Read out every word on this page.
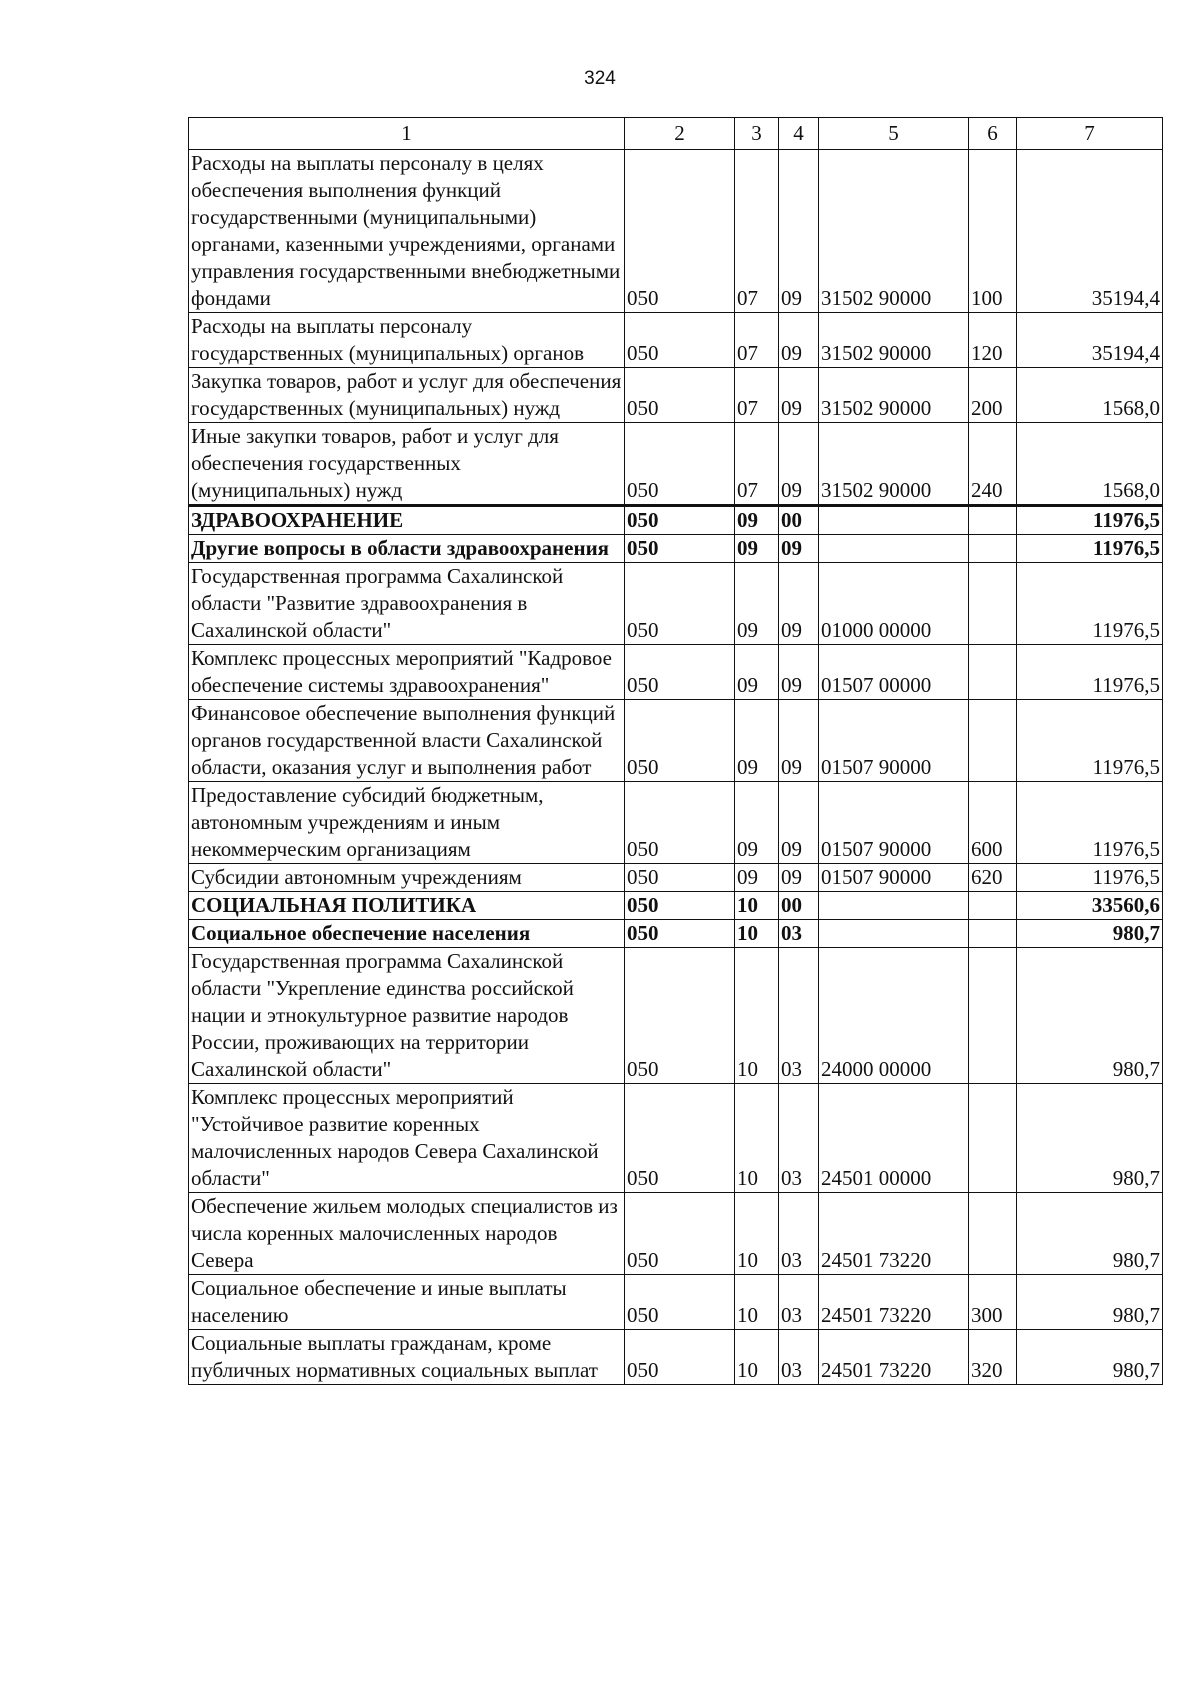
324
1	2	3	4	5	6	7
Расходы на выплаты персоналу в целях обеспечения выполнения функций государственными (муниципальными) органами, казенными учреждениями, органами управления государственными внебюджетными фондами	050	07	09	31502 90000	100	35194,4
Расходы на выплаты персоналу государственных (муниципальных) органов	050	07	09	31502 90000	120	35194,4
Закупка товаров, работ и услуг для обеспечения государственных (муниципальных) нужд	050	07	09	31502 90000	200	1568,0
Иные закупки товаров, работ и услуг для обеспечения государственных (муниципальных) нужд	050	07	09	31502 90000	240	1568,0
ЗДРАВООХРАНЕНИЕ	050	09	00			11976,5
Другие вопросы в области здравоохранения	050	09	09			11976,5
Государственная программа Сахалинской области "Развитие здравоохранения в Сахалинской области"	050	09	09	01000 00000		11976,5
Комплекс процессных мероприятий "Кадровое обеспечение системы здравоохранения"	050	09	09	01507 00000		11976,5
Финансовое обеспечение выполнения функций органов государственной власти Сахалинской области, оказания услуг и выполнения работ	050	09	09	01507 90000		11976,5
Предоставление субсидий бюджетным, автономным учреждениям и иным некоммерческим организациям	050	09	09	01507 90000	600	11976,5
Субсидии автономным учреждениям	050	09	09	01507 90000	620	11976,5
СОЦИАЛЬНАЯ ПОЛИТИКА	050	10	00			33560,6
Социальное обеспечение населения	050	10	03			980,7
Государственная программа Сахалинской области "Укрепление единства российской нации и этнокультурное развитие народов России, проживающих на территории Сахалинской области"	050	10	03	24000 00000		980,7
Комплекс процессных мероприятий "Устойчивое развитие коренных малочисленных народов Севера Сахалинской области"	050	10	03	24501 00000		980,7
Обеспечение жильем молодых специалистов из числа коренных малочисленных народов Севера	050	10	03	24501 73220		980,7
Социальное обеспечение и иные выплаты населению	050	10	03	24501 73220	300	980,7
Социальные выплаты гражданам, кроме публичных нормативных социальных выплат	050	10	03	24501 73220	320	980,7
